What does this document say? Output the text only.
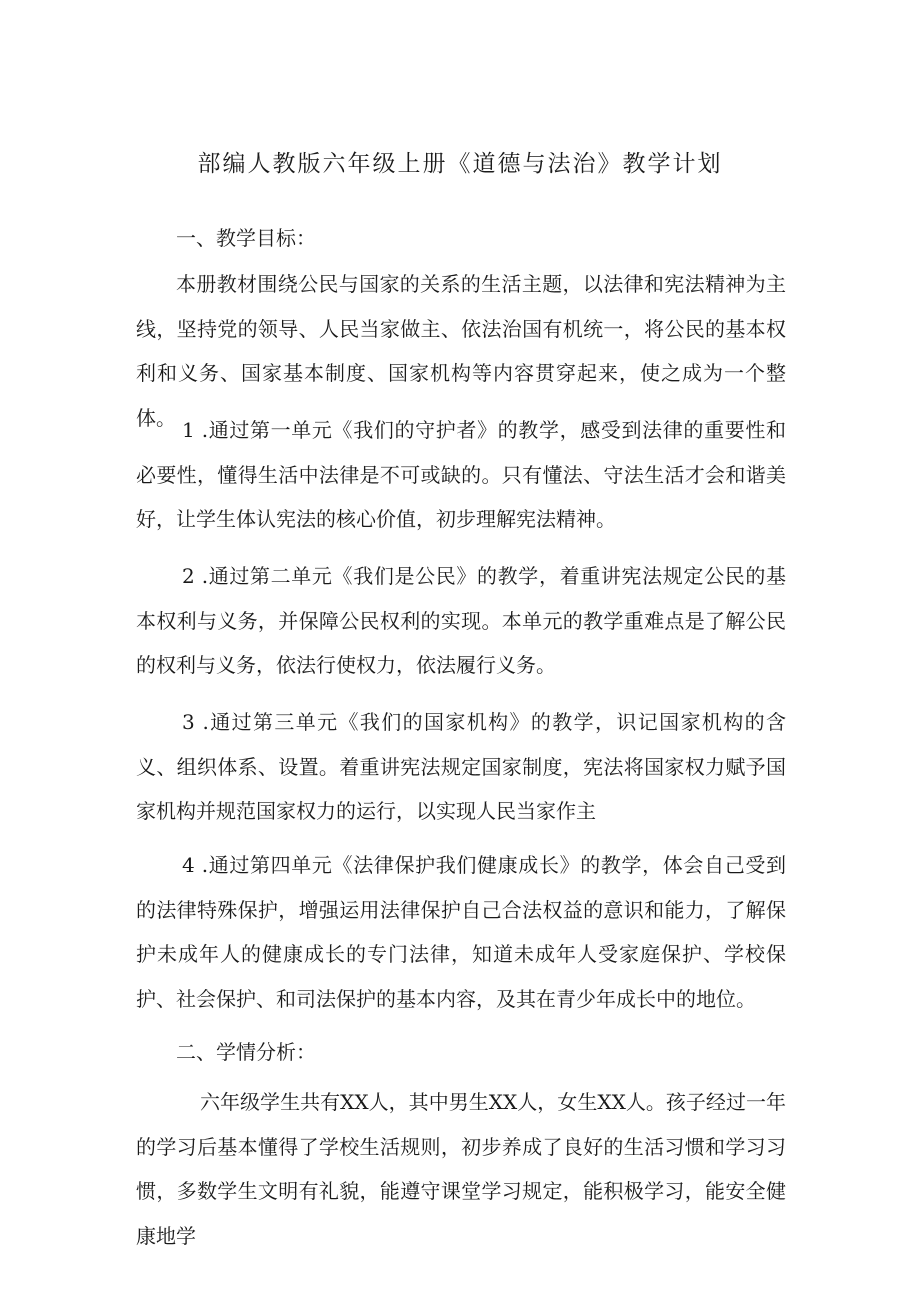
部编人教版六年级上册《道德与法治》教学计划
一、教学目标：

本册教材围绕公民与国家的关系的生活主题，以法律和宪法精神为主线，坚持党的领导、人民当家做主、依法治国有机统一，将公民的基本权利和义务、国家基本制度、国家机构等内容贯穿起来，使之成为一个整体。 1 .通过第一单元《我们的守护者》的教学，感受到法律的重要性和必要性，懂得生活中法律是不可或缺的。只有懂法、守法生活才会和谐美好，让学生体认宪法的核心价值，初步理解宪法精神。

2 .通过第二单元《我们是公民》的教学，着重讲宪法规定公民的基本权利与义务，并保障公民权利的实现。本单元的教学重难点是了解公民的权利与义务，依法行使权力，依法履行义务。

3 .通过第三单元《我们的国家机构》的教学，识记国家机构的含义、组织体系、设置。着重讲宪法规定国家制度，宪法将国家权力赋予国家机构并规范国家权力的运行，以实现人民当家作主

4 .通过第四单元《法律保护我们健康成长》的教学，体会自己受到的法律特殊保护，增强运用法律保护自己合法权益的意识和能力，了解保护未成年人的健康成长的专门法律，知道未成年人受家庭保护、学校保护、社会保护、和司法保护的基本内容，及其在青少年成长中的地位。

二、学情分析：

六年级学生共有XX人，其中男生XX人，女生XX人。孩子经过一年的学习后基本懂得了学校生活规则，初步养成了良好的生活习惯和学习习惯，多数学生文明有礼貌，能遵守课堂学习规定，能积极学习，能安全健康地学
